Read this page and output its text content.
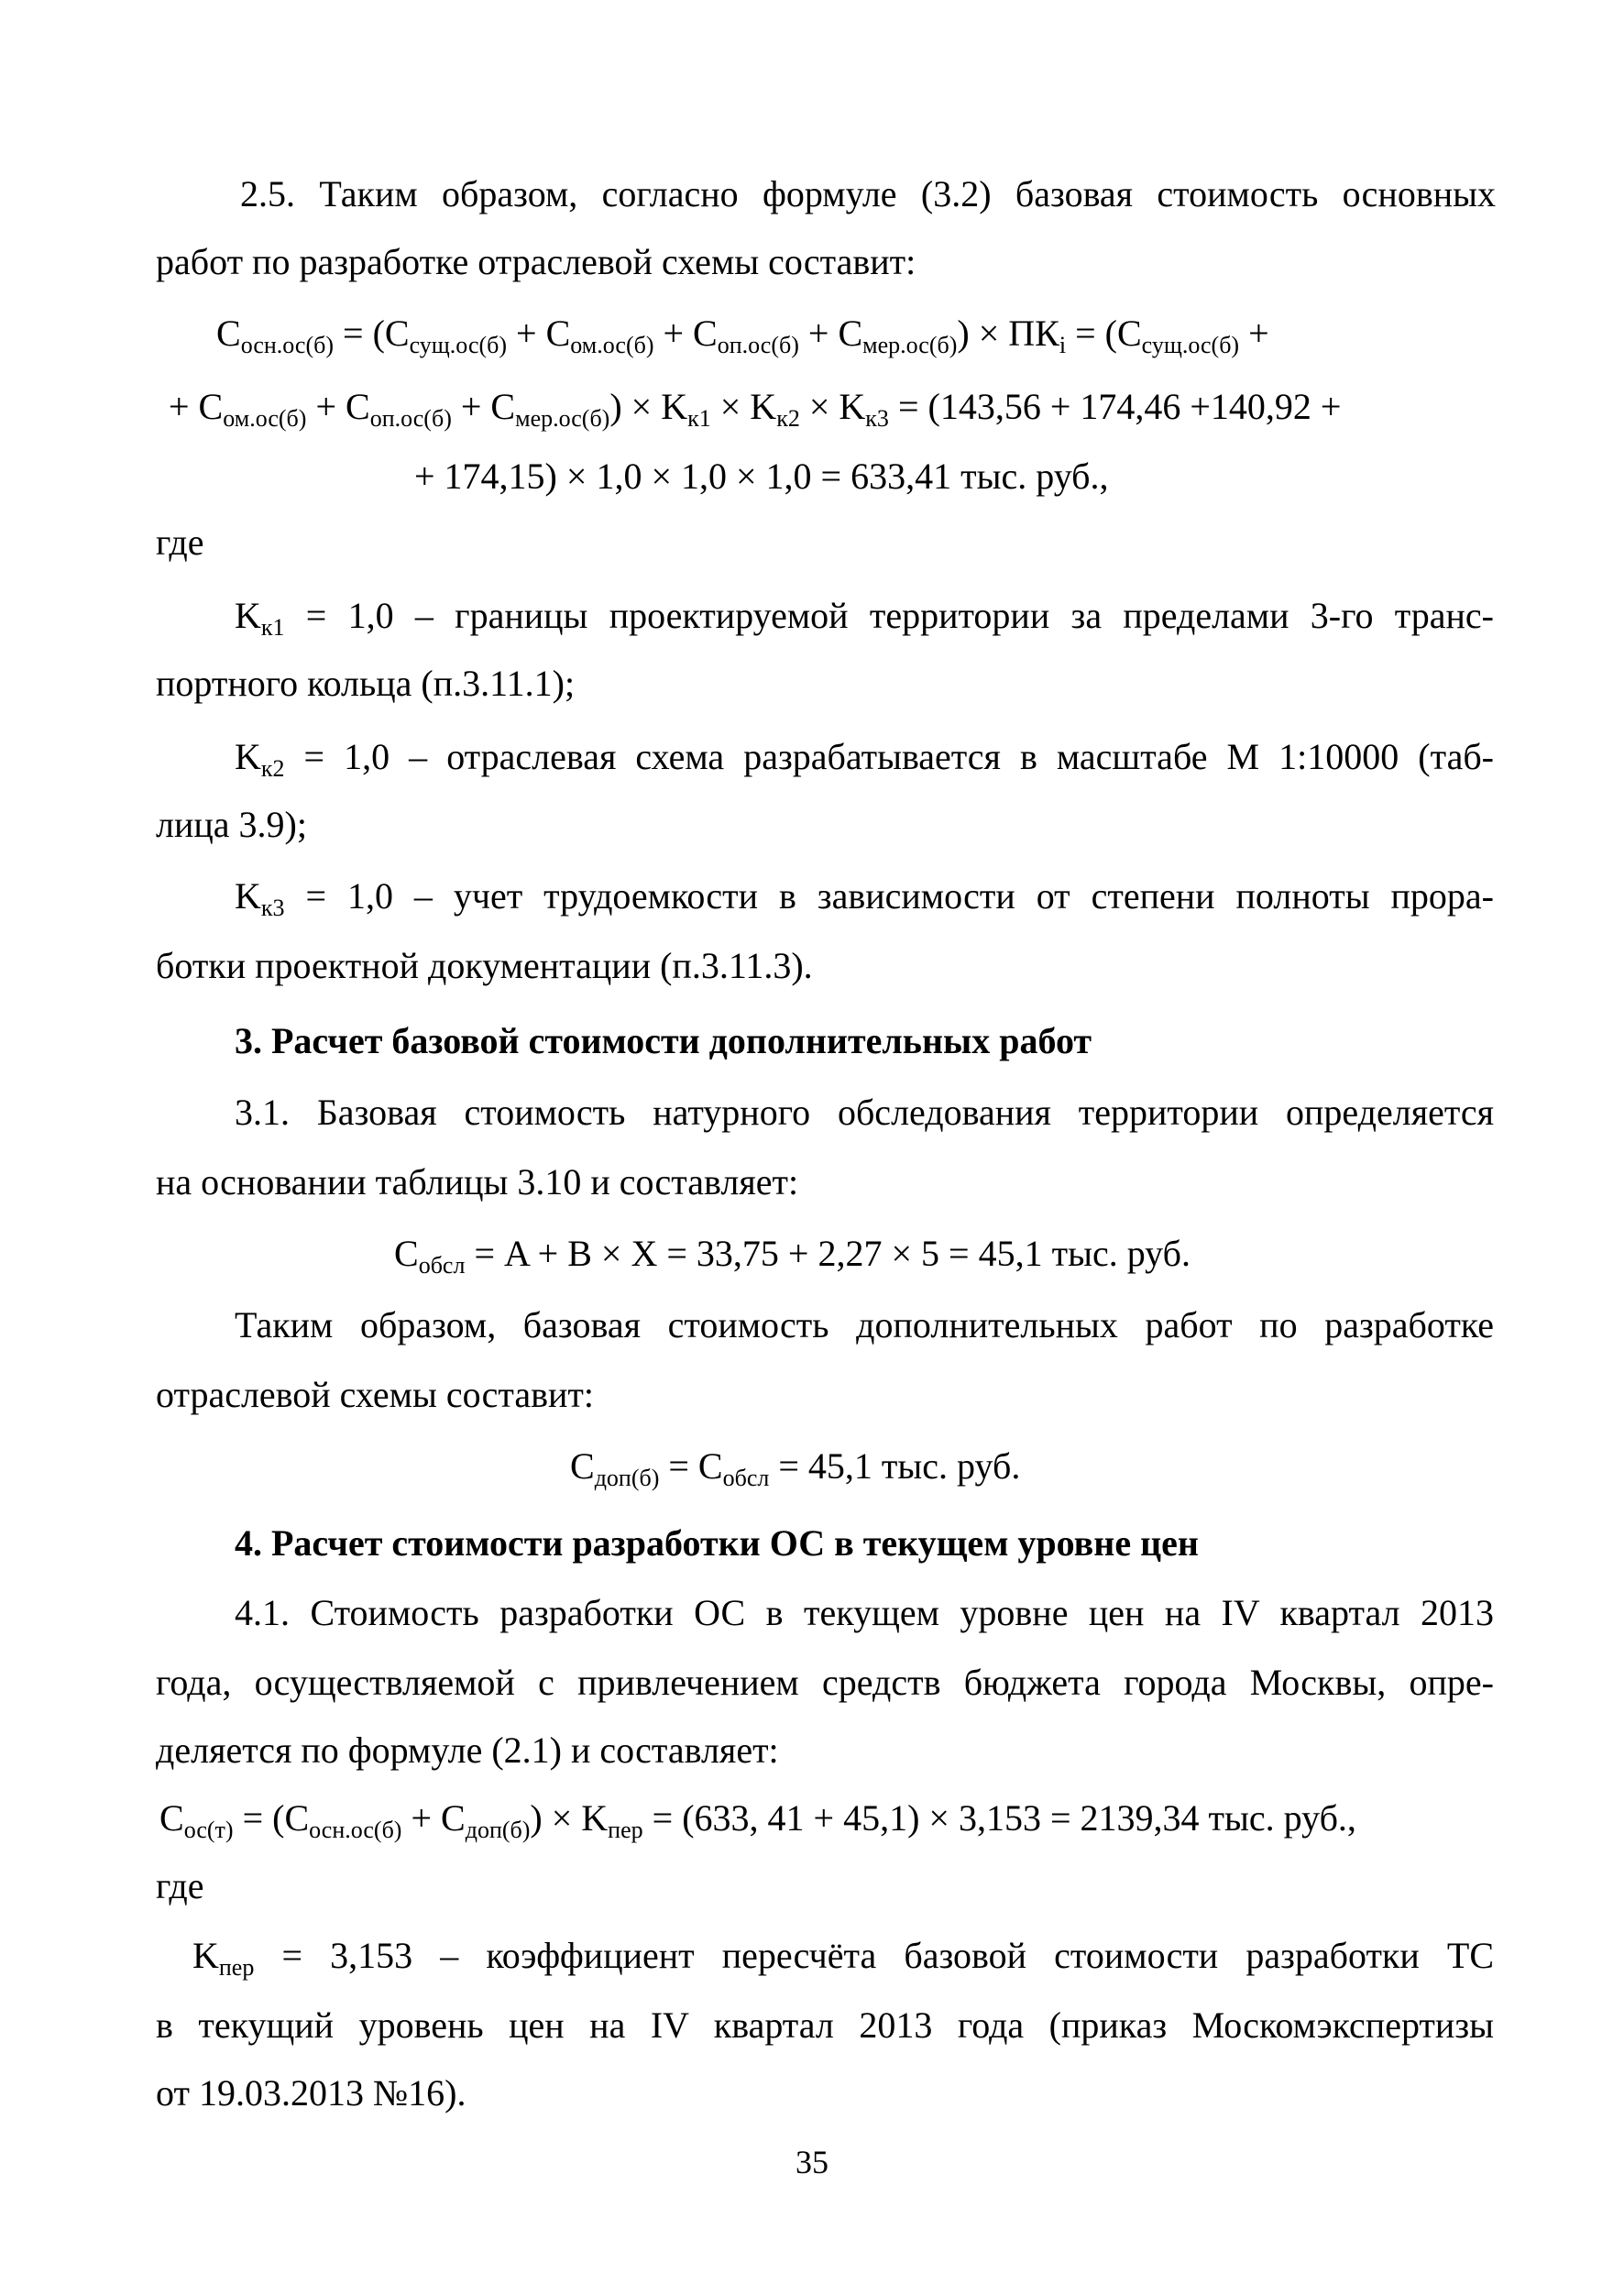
2.5. Таким образом, согласно формуле (3.2) базовая стоимость основных
работ по разработке отраслевой схемы составит:
$C_{осн.ос(б)} = (C_{сущ.ос(б)} + C_{ом.ос(б)} + C_{оп.ос(б)} + C_{мер.ос(б)}) \times ПК_i = (C_{сущ.ос(б)}$ +
+ $C_{ом.ос(б)} + C_{оп.ос(б)} + C_{мер.ос(б)}) \times K_{к1} \times K_{к2} \times K_{к3} = (143,56 + 174,46 +140,92$ +
+ 174,15) × 1,0 × 1,0 × 1,0 = 633,41 тыс. руб.,
где
$K_{к1} = 1,0$ – границы проектируемой территории за пределами 3-го транс-
портного кольца (п.3.11.1);
$K_{к2} = 1,0$ – отраслевая схема разрабатывается в масштабе М 1:10000 (таб-
лица 3.9);
$K_{к3} = 1,0$ – учет трудоемкости в зависимости от степени полноты прора-
ботки проектной документации (п.3.11.3).
3. Расчет базовой стоимости дополнительных работ
3.1. Базовая стоимость натурного обследования территории определяется
на основании таблицы 3.10 и составляет:
$C_{обсл} = A + B \times X = 33,75 + 2,27 \times 5 = 45,1$ тыс. руб.
Таким образом, базовая стоимость дополнительных работ по разработке
отраслевой схемы составит:
$C_{доп(б)} = C_{обсл} = 45,1$ тыс. руб.
4. Расчет стоимости разработки ОС в текущем уровне цен
4.1. Стоимость разработки ОС в текущем уровне цен на IV квартал 2013
года, осуществляемой с привлечением средств бюджета города Москвы, опре-
деляется по формуле (2.1) и составляет:
$C_{ос(т)} = (C_{осн.ос(б)} + C_{доп(б)}) \times K_{пер} = (633$, 41 + 45,1) × 3,153 = 2139,34 тыс. руб.,
где
$K_{пер} = 3,153$ – коэффициент пересчёта базовой стоимости разработки ТС
в текущий уровень цен на IV квартал 2013 года (приказ Москомэкспертизы
от 19.03.2013 №16).
35
